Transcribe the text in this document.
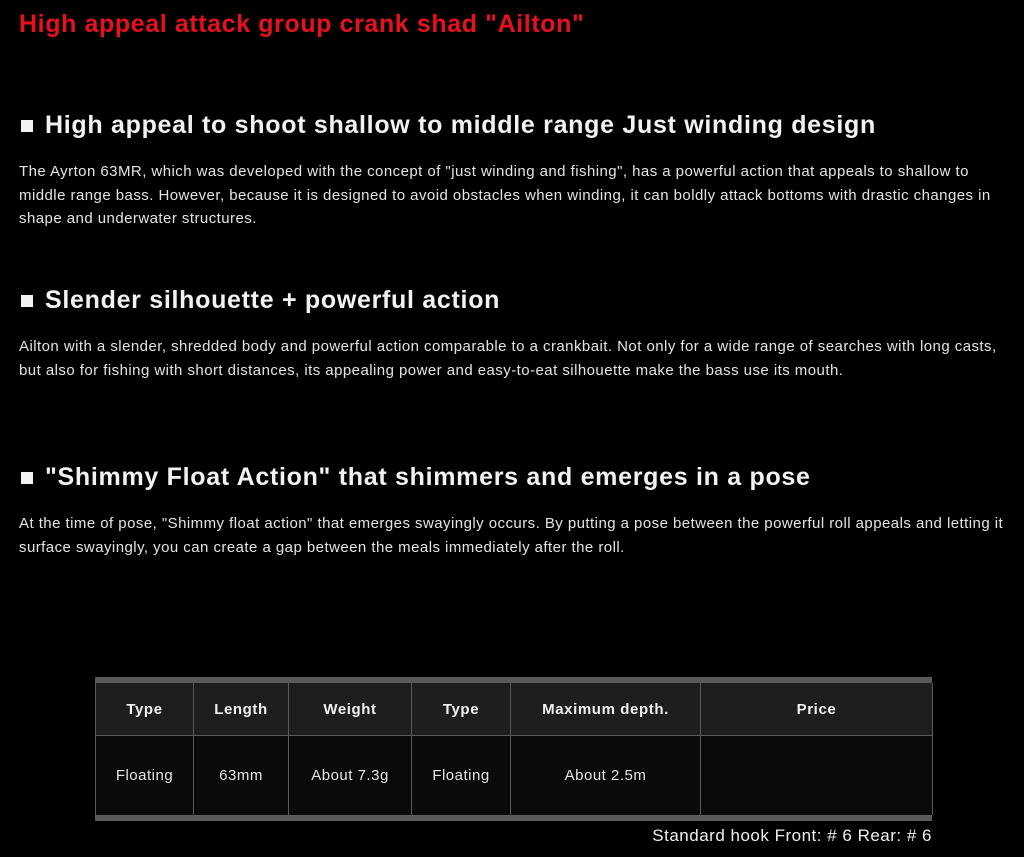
High appeal attack group crank shad "Ailton"
High appeal to shoot shallow to middle range Just winding design

The Ayrton 63MR, which was developed with the concept of "just winding and fishing", has a powerful action that appeals to shallow to middle range bass. However, because it is designed to avoid obstacles when winding, it can boldly attack bottoms with drastic changes in shape and underwater structures.

Slender silhouette + powerful action

Ailton with a slender, shredded body and powerful action comparable to a crankbait. Not only for a wide range of searches with long casts, but also for fishing with short distances, its appealing power and easy-to-eat silhouette make the bass use its mouth.

"Shimmy Float Action" that shimmers and emerges in a pose

At the time of pose, "Shimmy float action" that emerges swayingly occurs. By putting a pose between the powerful roll appeals and letting it surface swayingly, you can create a gap between the meals immediately after the roll.

Type	Length	Weight	Type	Maximum depth.	Price
Floating	63mm	About 7.3g	Floating	About 2.5m	
Standard hook Front: # 6 Rear: # 6
